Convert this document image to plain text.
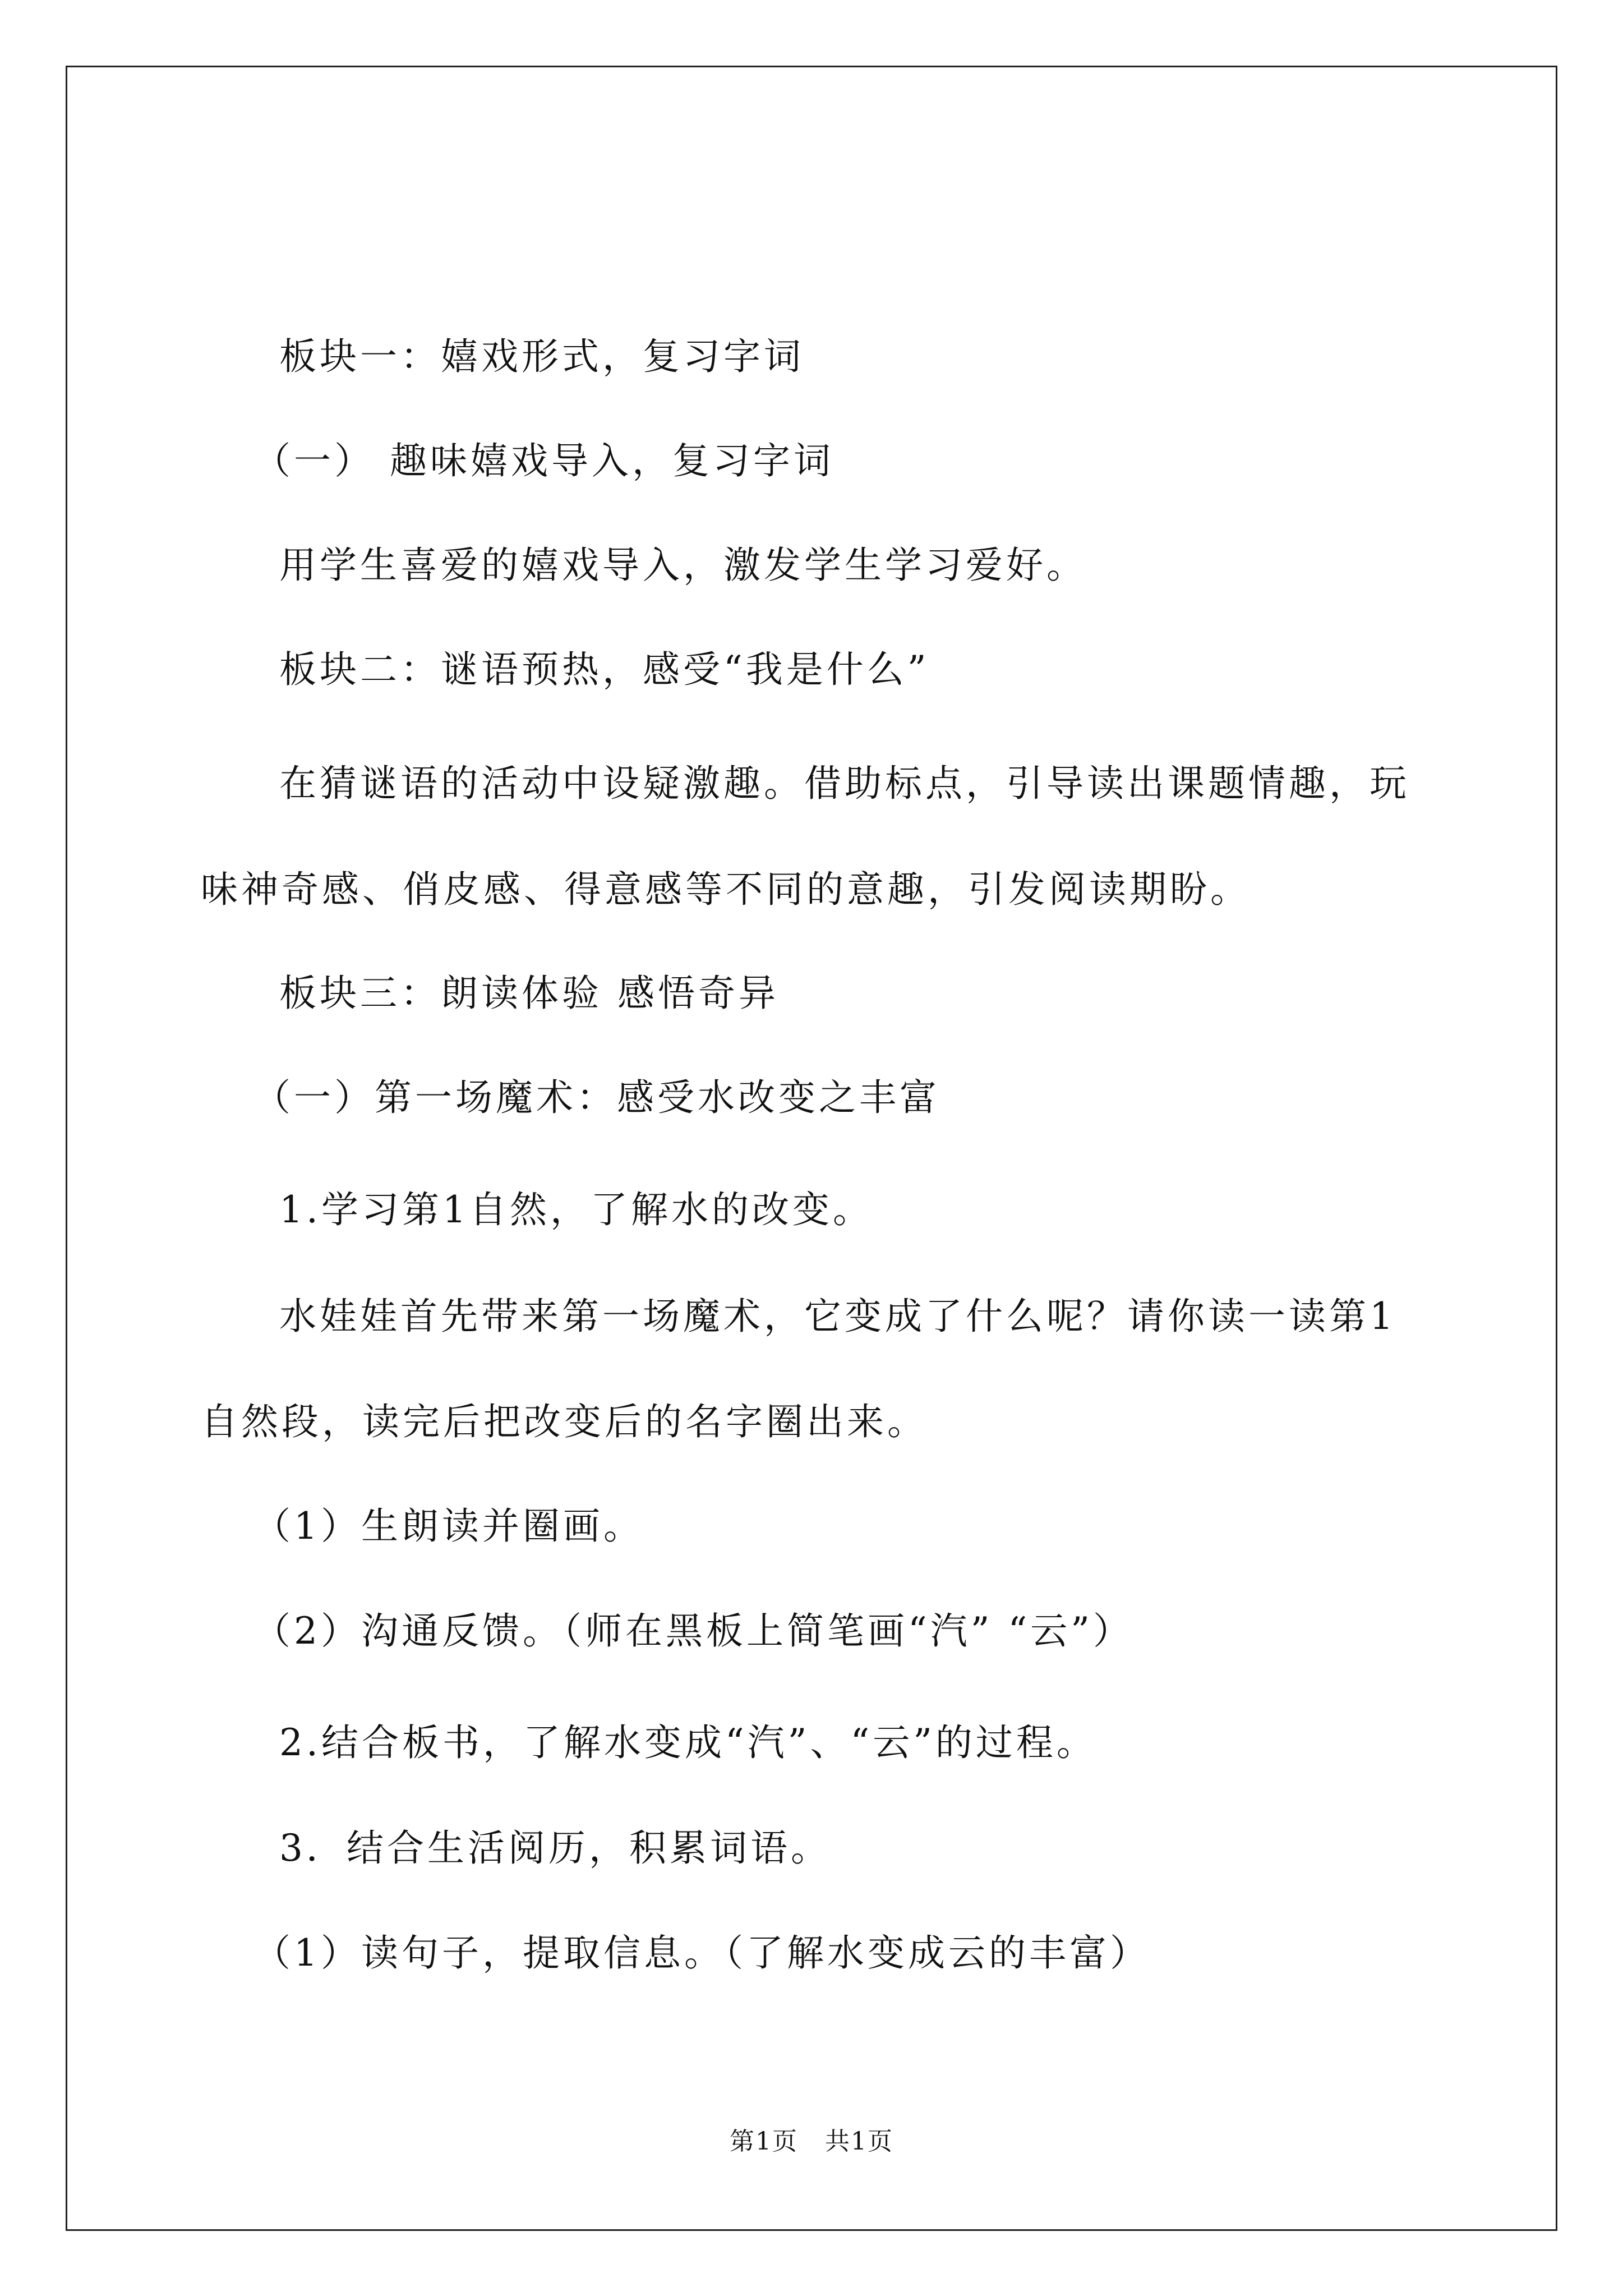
板块一：嬉戏形式，复习字词
（一） 趣味嬉戏导入，复习字词
用学生喜爱的嬉戏导入，激发学生学习爱好。
板块二：谜语预热，感受“我是什么”
在猜谜语的活动中设疑激趣。借助标点，引导读出课题情趣，玩
味神奇感、俏皮感、得意感等不同的意趣，引发阅读期盼。
板块三：朗读体验 感悟奇异
（一）第一场魔术：感受水改变之丰富
1.学习第1自然，了解水的改变。
水娃娃首先带来第一场魔术，它变成了什么呢？请你读一读第1
自然段，读完后把改变后的名字圈出来。
（1）生朗读并圈画。
（2）沟通反馈。（师在黑板上简笔画“汽” “云”）
2.结合板书，了解水变成“汽”、“云”的过程。
3．结合生活阅历，积累词语。
（1）读句子，提取信息。（了解水变成云的丰富）
第1页   共1页
